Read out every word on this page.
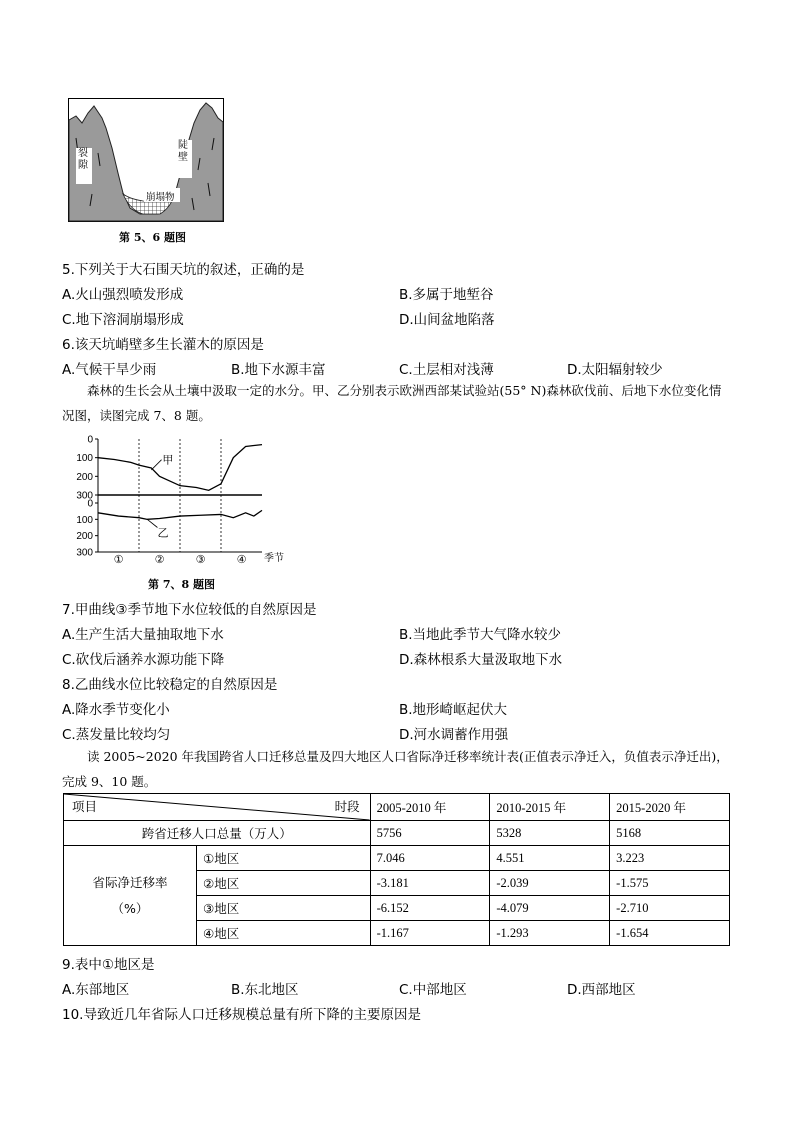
裂隙
陡壁
崩塌物
第 5、6 题图
5.下列关于大石围天坑的叙述，正确的是
A.火山强烈喷发形成	B.多属于地堑谷
C.地下溶洞崩塌形成	D.山间盆地陷落
6.该天坑峭壁多生长灌木的原因是
A.气候干旱少雨	B.地下水源丰富	C.土层相对浅薄	D.太阳辐射较少
森林的生长会从土壤中汲取一定的水分。甲、乙分别表示欧洲西部某试验站(55° N)森林砍伐前、后地下水位变化情况图，读图完成 7、8 题。
0
100
200
300
0
100
200
300 ①	②	③	④ 季节
甲
乙
第 7、8 题图
7.甲曲线③季节地下水位较低的自然原因是
A.生产生活大量抽取地下水	B.当地此季节大气降水较少
C.砍伐后涵养水源功能下降	D.森林根系大量汲取地下水
8.乙曲线水位比较稳定的自然原因是
A.降水季节变化小	B.地形崎岖起伏大
C.蒸发量比较均匀	D.河水调蓄作用强
读 2005~2020 年我国跨省人口迁移总量及四大地区人口省际净迁移率统计表(正值表示净迁入，负值表示净迁出)，完成 9、10 题。
项目 时段		2005-2010 年	2010-2015 年	2015-2020 年
跨省迁移人口总量（万人）		5756	5328	5168

省际净迁移率
（%）	①地区	7.046	4.551	3.223
	②地区	-3.181	-2.039	-1.575
	③地区	-6.152	-4.079	-2.710
	④地区	-1.167	-1.293	-1.654
9.表中①地区是
A.东部地区	B.东北地区	C.中部地区	D.西部地区
10.导致近几年省际人口迁移规模总量有所下降的主要原因是
